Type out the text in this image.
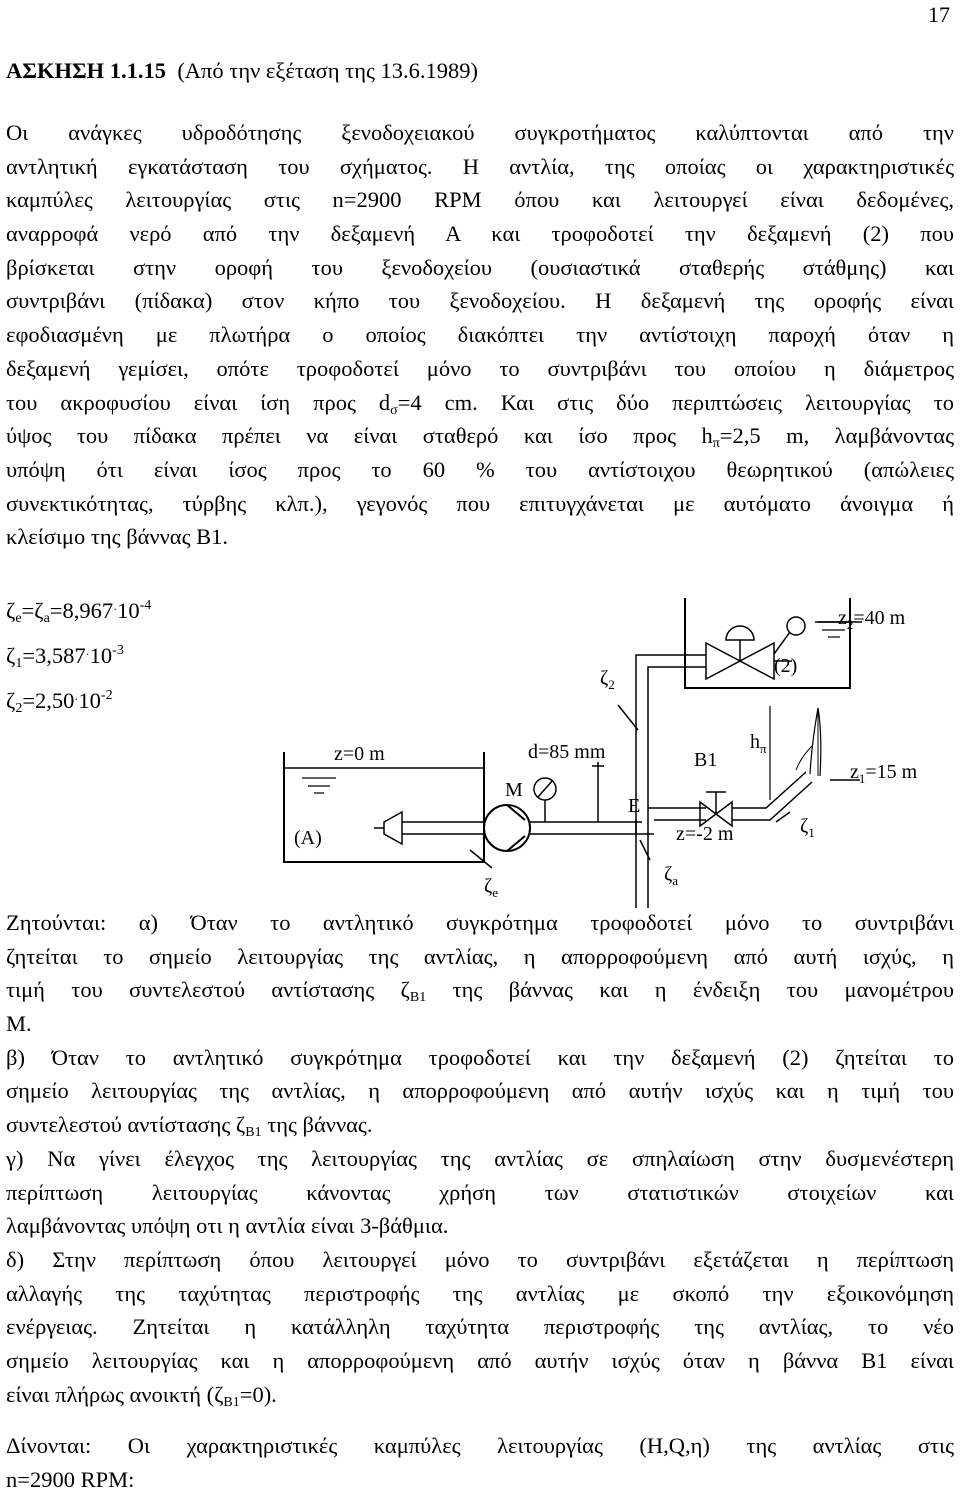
17
ΑΣΚΗΣΗ 1.1.15 (Από την εξέταση της 13.6.1989)
Οι ανάγκες υδροδότησης ξενοδοχειακού συγκροτήματος καλύπτονται από την
αντλητική εγκατάσταση του σχήματος. Η αντλία, της οποίας οι χαρακτηριστικές
καμπύλες λειτουργίας στις n=2900 RPM όπου και λειτουργεί είναι δεδομένες,
αναρροφά νερό από την δεξαμενή Α και τροφοδοτεί την δεξαμενή (2) που
βρίσκεται στην οροφή του ξενοδοχείου (ουσιαστικά σταθερής στάθμης) και
συντριβάνι (πίδακα) στον κήπο του ξενοδοχείου. Η δεξαμενή της οροφής είναι
εφοδιασμένη με πλωτήρα ο οποίος διακόπτει την αντίστοιχη παροχή όταν η
δεξαμενή γεμίσει, οπότε τροφοδοτεί μόνο το συντριβάνι του οποίου η διάμετρος
του ακροφυσίου είναι ίση προς $d_\sigma=4$ cm. Και στις δύο περιπτώσεις λειτουργίας το
ύψος του πίδακα πρέπει να είναι σταθερό και ίσο προς $h_\pi=2,5$ m, λαμβάνοντας
υπόψη ότι είναι ίσος προς το 60 % του αντίστοιχου θεωρητικού (απώλειες
συνεκτικότητας, τύρβης κλπ.), γεγονός που επιτυγχάνεται με αυτόματο άνοιγμα ή
κλείσιμο της βάννας Β1.
$\zeta_e=\zeta_a=8,967^\cdot 10^{-4}$
$\zeta_1=3,587^\cdot 10^{-3}$
$\zeta_2=2,50^\cdot 10^{-2}$
$z_2=40$ m
(2)
$\zeta_2$
z=0 m
(A)
d=85 mm
M
E
B1
$h_\pi$
$z_1=15$ m
z=-2 m	$\zeta_1$
$\zeta_e$
$\zeta_a$
Ζητούνται: α) Όταν το αντλητικό συγκρότημα τροφοδοτεί μόνο το συντριβάνι
ζητείται το σημείο λειτουργίας της αντλίας, η απορροφούμενη από αυτή ισχύς, η
τιμή του συντελεστού αντίστασης $\zeta_{B1}$ της βάννας και η ένδειξη του μανομέτρου
Μ.
β) Όταν το αντλητικό συγκρότημα τροφοδοτεί και την δεξαμενή (2) ζητείται το
σημείο λειτουργίας της αντλίας, η απορροφούμενη από αυτήν ισχύς και η τιμή του
συντελεστού αντίστασης $\zeta_{B1}$ της βάννας.
γ) Να γίνει έλεγχος της λειτουργίας της αντλίας σε σπηλαίωση στην δυσμενέστερη
περίπτωση λειτουργίας κάνοντας χρήση των στατιστικών στοιχείων και
λαμβάνοντας υπόψη οτι η αντλία είναι 3-βάθμια.
δ) Στην περίπτωση όπου λειτουργεί μόνο το συντριβάνι εξετάζεται η περίπτωση
αλλαγής της ταχύτητας περιστροφής της αντλίας με σκοπό την εξοικονόμηση
ενέργειας. Ζητείται η κατάλληλη ταχύτητα περιστροφής της αντλίας, το νέο
σημείο λειτουργίας και η απορροφούμενη από αυτήν ισχύς όταν η βάννα Β1 είναι
είναι πλήρως ανοικτή $(\zeta_{B1}=0)$.
Δίνονται: Οι χαρακτηριστικές καμπύλες λειτουργίας (H,Q,η) της αντλίας στις
n=2900 RPM:
